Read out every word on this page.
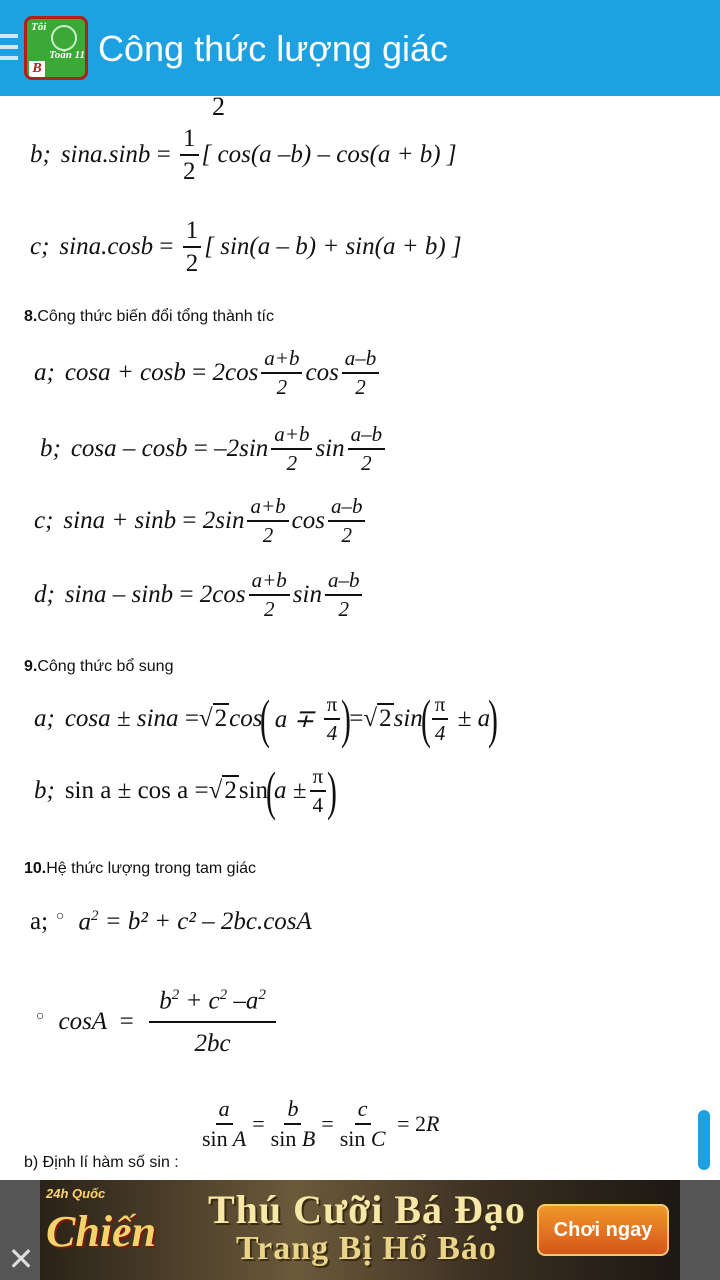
Tôi
Toán 11
B Công thức lượng giác
2
b; $\sin a.\sin b = \frac{1}{2}$ [ cos(a –b) – cos(a + b) ]
c; $\sin a.\cos b = \frac{1}{2}$ [ sin(a – b) + sin(a + b) ]
8.Công thức biến đổi tổng thành tíc
a; $\cos a + \cos b = 2\cos \frac{a+b}{2}$ $\cos \frac{a-b}{2}$
b; $\cos a - \cos b = -2\sin \frac{a+b}{2}$ $\sin \frac{a-b}{2}$
c; $\sin a + \sin b = 2\sin \frac{a+b}{2}$ $\cos \frac{a-b}{2}$
d; $\sin a - \sin b = 2\cos \frac{a+b}{2}$ $\sin \frac{a-b}{2}$
9.Công thức bổ sung
a; cosa ± sina = √2 cos
(
$a \mp \frac{\pi}{4}$ )
= √2 sin
( $\frac{\pi}{4} \pm a$
)
b; sin a ± cos a = √2 sin
(
$a \pm \frac{\pi}{4}$ )
10.Hệ thức lượng trong tam giác
a; ○ $a^2 = b^2 + c^2 - 2bc.\cos A$
○ $\cos A = \frac{b^2 + c^2 -a^2}{2bc}$
b) Định lí hàm số sin :
$\frac{a}{\text{sin A}} = \frac{b}{\text{sin B}} = \frac{c}{\text{sin C}} = 2$ R
24h Quốc
Chiến Thú Cưỡi Bá Đạo
Trang Bị Hổ Báo	Chơi ngay
✕
